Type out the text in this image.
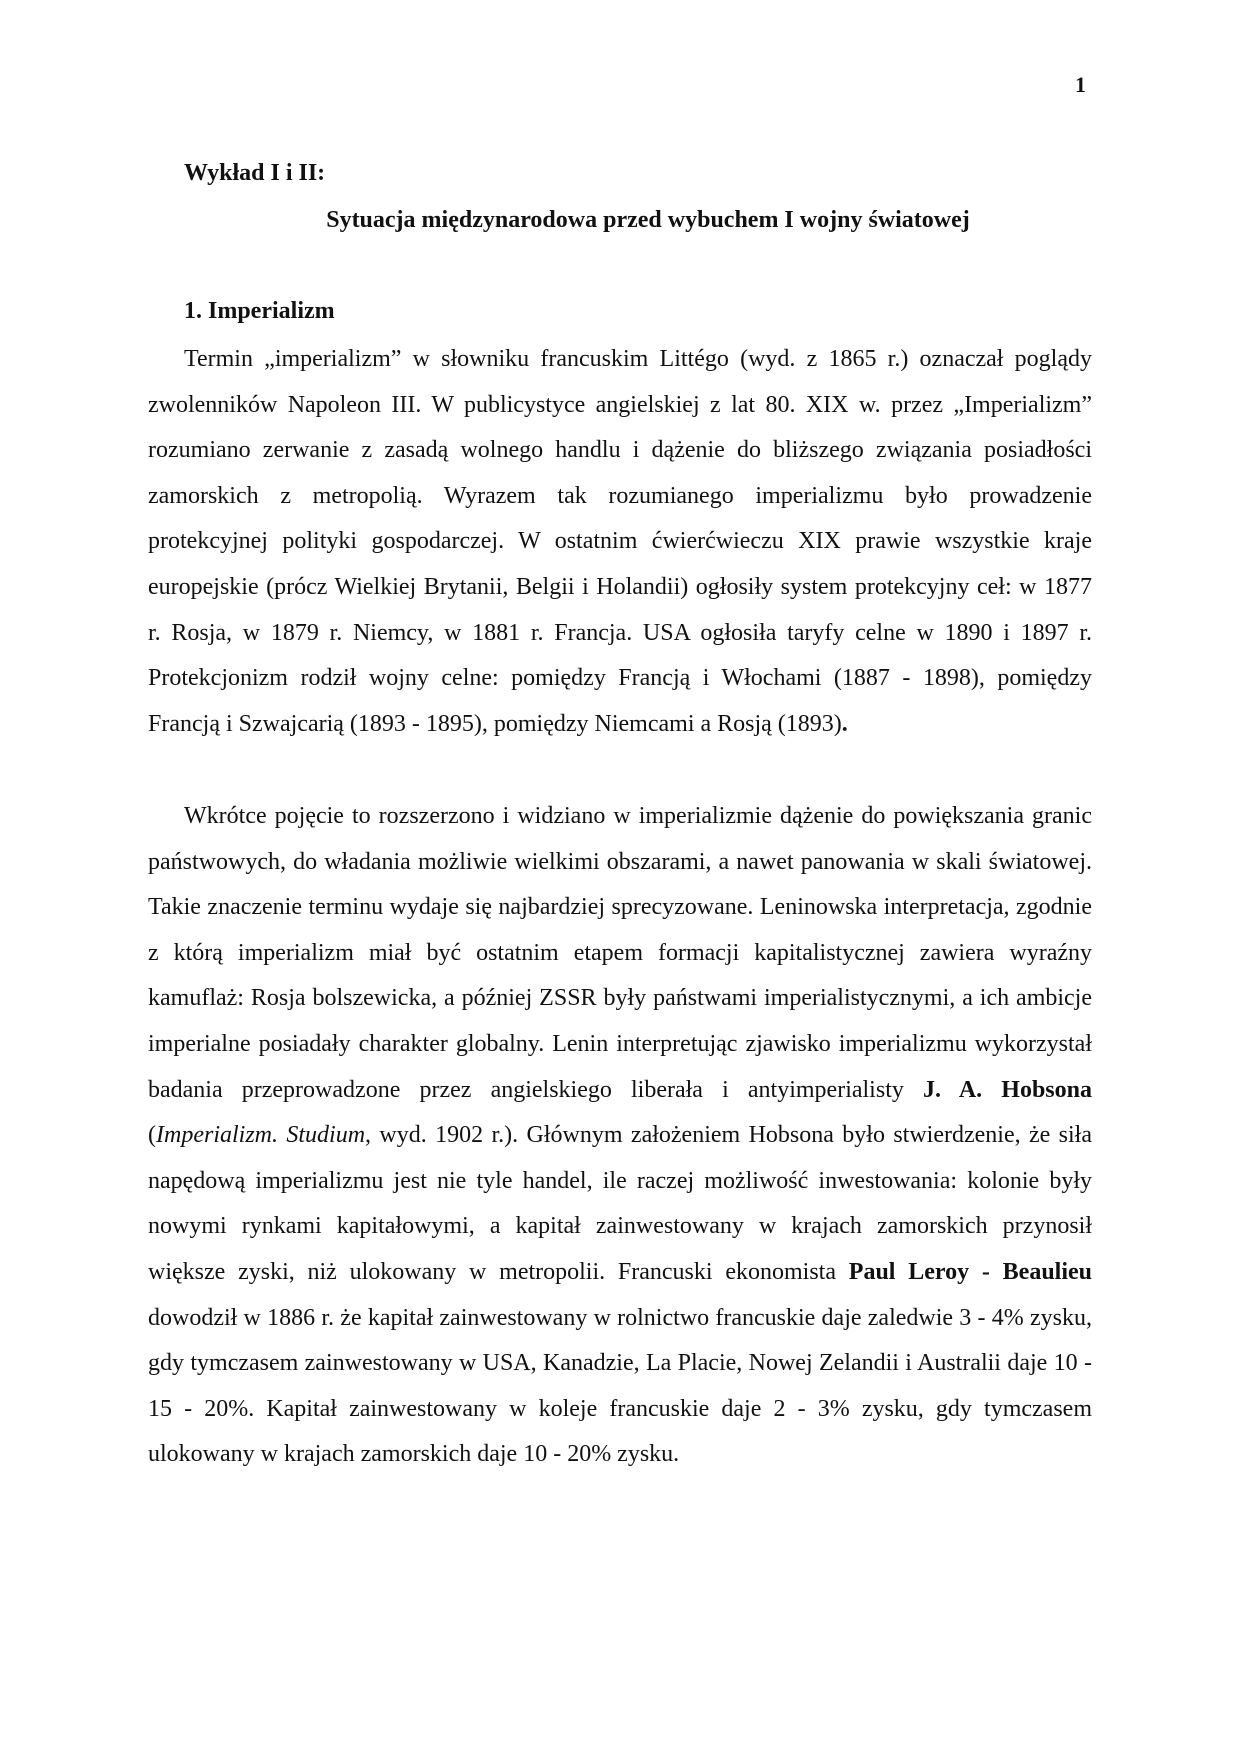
1
Wykład I i II:
Sytuacja międzynarodowa przed wybuchem I wojny światowej
1. Imperializm

Termin „imperializm” w słowniku francuskim Littégo (wyd. z 1865 r.) oznaczał poglądy zwolenników Napoleon III. W publicystyce angielskiej z lat 80. XIX w. przez „Imperializm” rozumiano zerwanie z zasadą wolnego handlu i dążenie do bliższego związania posiadłości zamorskich z metropolią. Wyrazem tak rozumianego imperializmu było prowadzenie protekcyjnej polityki gospodarczej. W ostatnim ćwierćwieczu XIX prawie wszystkie kraje europejskie (prócz Wielkiej Brytanii, Belgii i Holandii) ogłosiły system protekcyjny ceł: w 1877 r. Rosja, w 1879 r. Niemcy, w 1881 r. Francja. USA ogłosiła taryfy celne w 1890 i 1897 r. Protekcjonizm rodził wojny celne: pomiędzy Francją i Włochami (1887 - 1898), pomiędzy Francją i Szwajcarią (1893 - 1895), pomiędzy Niemcami a Rosją (1893).

Wkrótce pojęcie to rozszerzono i widziano w imperializmie dążenie do powiększania granic państwowych, do władania możliwie wielkimi obszarami, a nawet panowania w skali światowej. Takie znaczenie terminu wydaje się najbardziej sprecyzowane. Leninowska interpretacja, zgodnie z którą imperializm miał być ostatnim etapem formacji kapitalistycznej zawiera wyraźny kamuflaż: Rosja bolszewicka, a później ZSSR były państwami imperialistycznymi, a ich ambicje imperialne posiadały charakter globalny. Lenin interpretując zjawisko imperializmu wykorzystał badania przeprowadzone przez angielskiego liberała i antyimperialisty J. A. Hobsona (Imperializm. Studium, wyd. 1902 r.). Głównym założeniem Hobsona było stwierdzenie, że siła napędową imperializmu jest nie tyle handel, ile raczej możliwość inwestowania: kolonie były nowymi rynkami kapitałowymi, a kapitał zainwestowany w krajach zamorskich przynosił większe zyski, niż ulokowany w metropolii. Francuski ekonomista Paul Leroy - Beaulieu dowodził w 1886 r. że kapitał zainwestowany w rolnictwo francuskie daje zaledwie 3 - 4% zysku, gdy tymczasem zainwestowany w USA, Kanadzie, La Placie, Nowej Zelandii i Australii daje 10 - 15 - 20%. Kapitał zainwestowany w koleje francuskie daje 2 - 3% zysku, gdy tymczasem ulokowany w krajach zamorskich daje 10 - 20% zysku.
